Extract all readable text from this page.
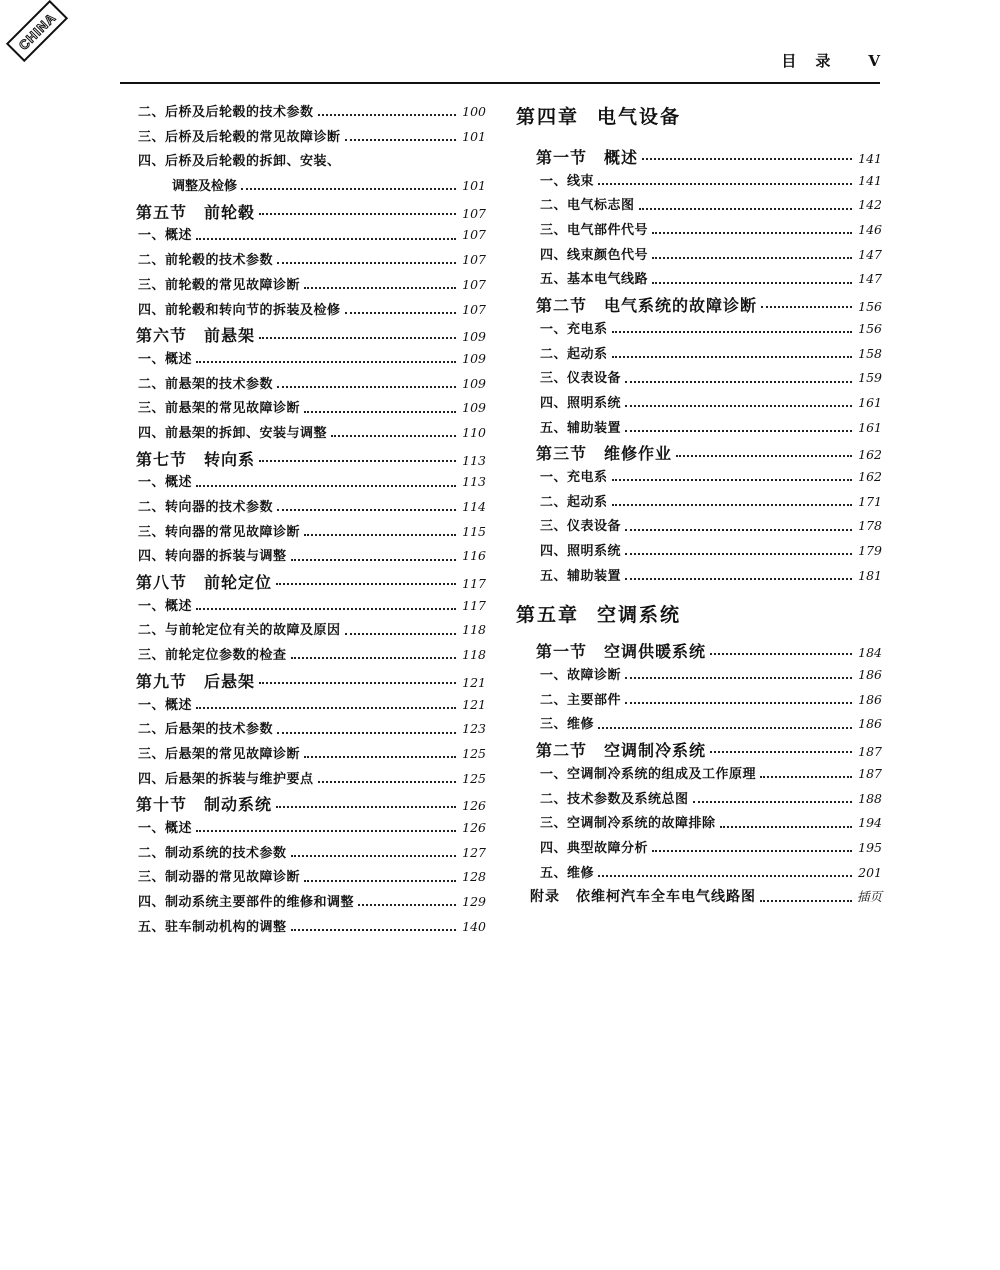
CHINA
目　录 V
二、后桥及后轮毂的技术参数	100
三、后桥及后轮毂的常见故障诊断	101
四、后桥及后轮毂的拆卸、安装、
调整及检修	101
第五节　前轮毂	107
一、概述	107
二、前轮毂的技术参数	107
三、前轮毂的常见故障诊断	107
四、前轮毂和转向节的拆装及检修	107
第六节　前悬架	109
一、概述	109
二、前悬架的技术参数	109
三、前悬架的常见故障诊断	109
四、前悬架的拆卸、安装与调整	110
第七节　转向系	113
一、概述	113
二、转向器的技术参数	114
三、转向器的常见故障诊断	115
四、转向器的拆装与调整	116
第八节　前轮定位	117
一、概述	117
二、与前轮定位有关的故障及原因	118
三、前轮定位参数的检查	118
第九节　后悬架	121
一、概述	121
二、后悬架的技术参数	123
三、后悬架的常见故障诊断	125
四、后悬架的拆装与维护要点	125
第十节　制动系统	126
一、概述	126
二、制动系统的技术参数	127
三、制动器的常见故障诊断	128
四、制动系统主要部件的维修和调整	129
五、驻车制动机构的调整	140
第四章 电气设备
第一节　概述	141
一、线束	141
二、电气标志图	142
三、电气部件代号	146
四、线束颜色代号	147
五、基本电气线路	147
第二节　电气系统的故障诊断	156
一、充电系	156
二、起动系	158
三、仪表设备	159
四、照明系统	161
五、辅助装置	161
第三节　维修作业	162
一、充电系	162
二、起动系	171
三、仪表设备	178
四、照明系统	179
五、辅助装置	181
第五章 空调系统
第一节　空调供暖系统	184
一、故障诊断	186
二、主要部件	186
三、维修	186
第二节　空调制冷系统	187
一、空调制冷系统的组成及工作原理	187
二、技术参数及系统总图	188
三、空调制冷系统的故障排除	194
四、典型故障分析	195
五、维修	201
附录 依维柯汽车全车电气线路图	插页
